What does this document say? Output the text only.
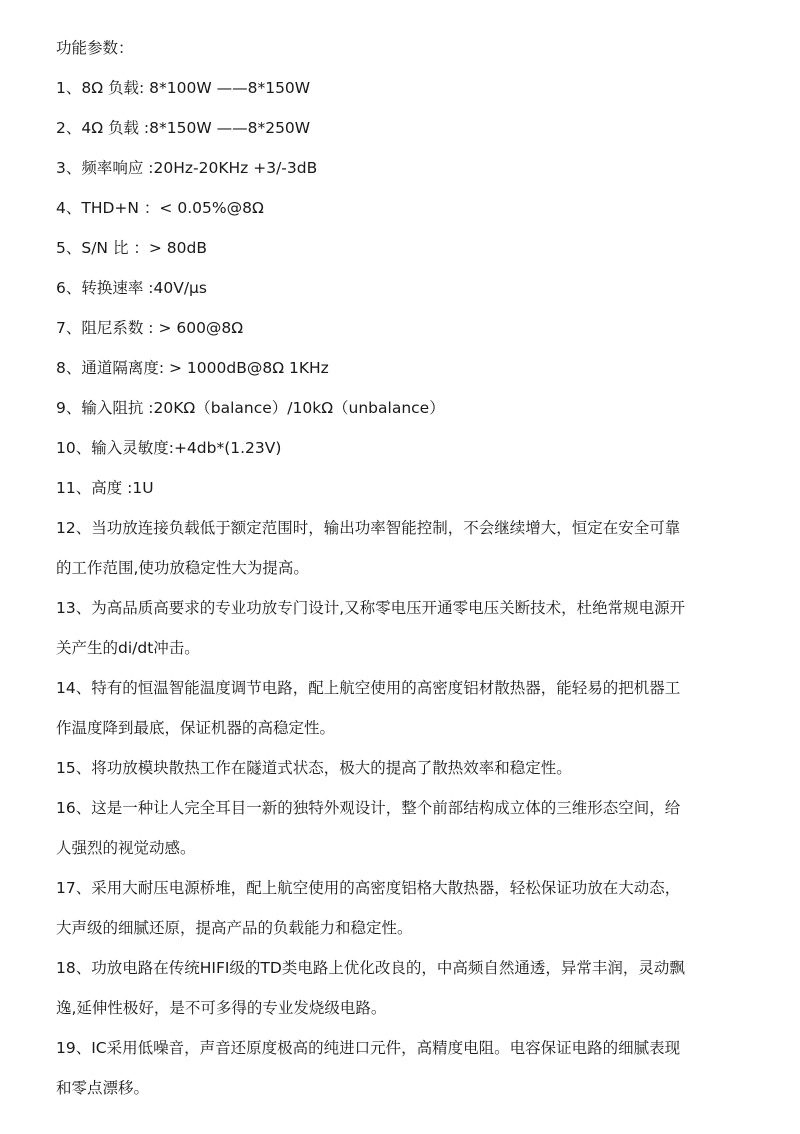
功能参数：

1、8Ω 负载: 8*100W ——8*150W

2、4Ω 负载 :8*150W ——8*250W

3、频率响应 :20Hz-20KHz +3/-3dB

4、THD+N ：< 0.05%@8Ω

5、S/N 比 ：> 80dB

6、转换速率 :40V/μs

7、阻尼系数 : > 600@8Ω

8、通道隔离度: > 1000dB@8Ω 1KHz

9、输入阻抗 :20KΩ（balance）/10kΩ（unbalance）

10、输入灵敏度:+4db*(1.23V)

11、高度 :1U

12、当功放连接负载低于额定范围时，输出功率智能控制，不会继续增大，恒定在安全可靠

的工作范围,使功放稳定性大为提高。

13、为高品质高要求的专业功放专门设计,又称零电压开通零电压关断技术，杜绝常规电源开

关产生的di/dt冲击。

14、特有的恒温智能温度调节电路，配上航空使用的高密度铝材散热器，能轻易的把机器工

作温度降到最底，保证机器的高稳定性。

15、将功放模块散热工作在隧道式状态，极大的提高了散热效率和稳定性。

16、这是一种让人完全耳目一新的独特外观设计，整个前部结构成立体的三维形态空间，给

人强烈的视觉动感。

17、采用大耐压电源桥堆，配上航空使用的高密度铝格大散热器，轻松保证功放在大动态，

大声级的细腻还原，提高产品的负载能力和稳定性。

18、功放电路在传统HIFI级的TD类电路上优化改良的，中高频自然通透，异常丰润，灵动飘

逸,延伸性极好，是不可多得的专业发烧级电路。

19、IC采用低噪音，声音还原度极高的纯进口元件，高精度电阻。电容保证电路的细腻表现

和零点漂移。
